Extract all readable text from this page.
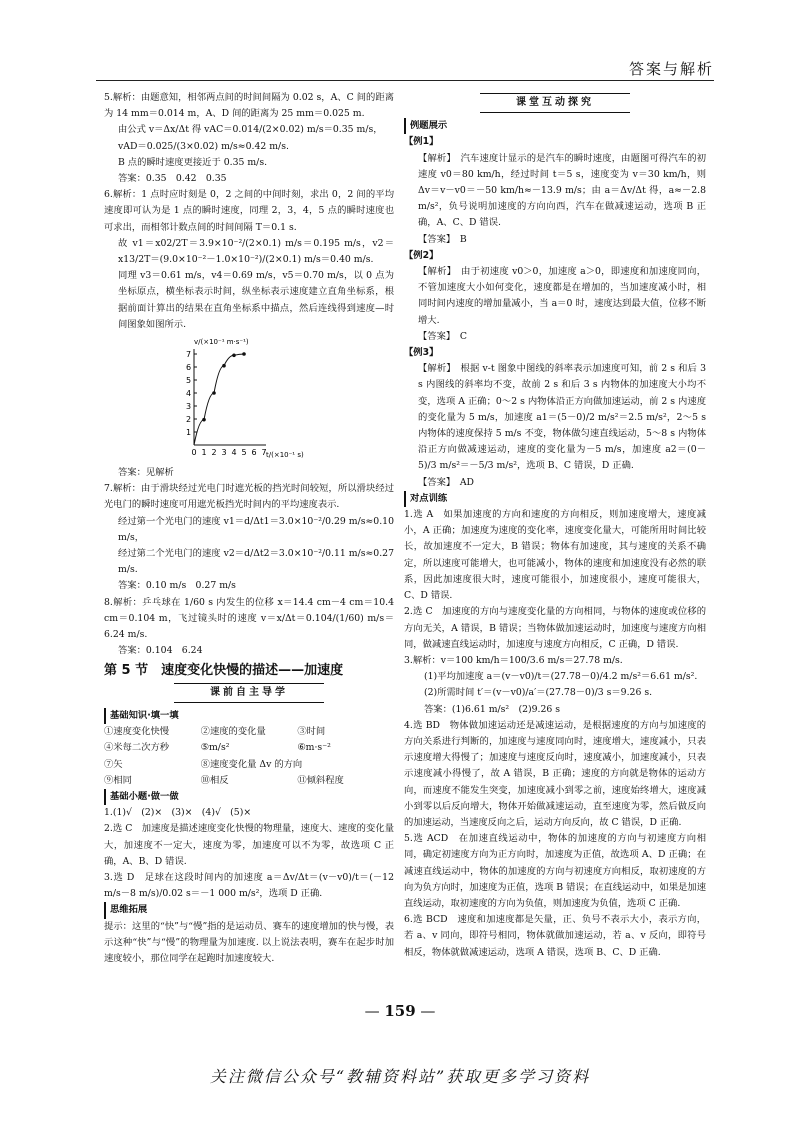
答案与解析

5.解析：由题意知，相邻两点间的时间间隔为 0.02 s，A、C 间的距离为 14 mm＝0.014 m，A、D 间的距离为 25 mm＝0.025 m.

由公式 v＝Δx/Δt 得 vAC＝0.014/(2×0.02) m/s＝0.35 m/s，

vAD＝0.025/(3×0.02) m/s≈0.42 m/s.

B 点的瞬时速度更接近于 0.35 m/s.

答案：0.35　0.42　0.35

6.解析：1 点时应时刻是 0，2 之间的中间时刻，求出 0，2 间的平均速度即可认为是 1 点的瞬时速度，同理 2，3，4，5 点的瞬时速度也可求出，而相邻计数点间的时间间隔 T＝0.1 s.

故 v1＝x02/2T＝3.9×10⁻²/(2×0.1) m/s＝0.195 m/s，v2＝x13/2T＝(9.0×10⁻²－1.0×10⁻²)/(2×0.1) m/s＝0.40 m/s.

同理 v3＝0.61 m/s，v4＝0.69 m/s，v5＝0.70 m/s，以 0 点为坐标原点，横坐标表示时间，纵坐标表示速度建立直角坐标系，根据前面计算出的结果在直角坐标系中描点，然后连线得到速度—时间图象如图所示.

v/(×10⁻¹ m·s⁻¹)
t/(×10⁻¹ s)
1
2
3
4
5
6
7
0 1 2 3 4 5 6 7

答案：见解析

7.解析：由于滑块经过光电门时遮光板的挡光时间较短，所以滑块经过光电门的瞬时速度可用遮光板挡光时间内的平均速度表示.

经过第一个光电门的速度 v1＝d/Δt1＝3.0×10⁻²/0.29 m/s≈0.10 m/s，

经过第二个光电门的速度 v2＝d/Δt2＝3.0×10⁻²/0.11 m/s≈0.27 m/s.

答案：0.10 m/s　0.27 m/s

8.解析：乒乓球在 1/60 s 内发生的位移 x＝14.4 cm－4 cm＝10.4 cm＝0.104 m，飞过镜头时的速度 v＝x/Δt＝0.104/(1/60) m/s＝6.24 m/s.

答案：0.104　6.24

第 5 节　速度变化快慢的描述——加速度
课前自主导学
基础知识·填一填
①速度变化快慢	②速度的变化量	③时间
④米每二次方秒	⑤m/s²	⑥m·s⁻²
⑦矢	⑧速度变化量 Δv 的方向
⑨相同	⑩相反	⑪倾斜程度
基础小题·做一做

1.(1)√　(2)×　(3)×　(4)√　(5)×

2.选 C　加速度是描述速度变化快慢的物理量，速度大、速度的变化量大，加速度不一定大，速度为零，加速度可以不为零，故选项 C 正确，A、B、D 错误.

3.选 D　足球在这段时间内的加速度 a＝Δv/Δt＝(v－v0)/t＝(－12 m/s－8 m/s)/0.02 s＝－1 000 m/s²，选项 D 正确.

思维拓展

提示：这里的“快”与“慢”指的是运动员、赛车的速度增加的快与慢，表示这种“快”与“慢”的物理量为加速度. 以上说法表明，赛车在起步时加速度较小，那位同学在起跑时加速度较大.

课堂互动探究
例题展示
【例1】

【解析】　汽车速度计显示的是汽车的瞬时速度，由题图可得汽车的初速度 v0＝80 km/h，经过时间 t＝5 s，速度变为 v＝30 km/h，则 Δv＝v－v0＝－50 km/h≈－13.9 m/s；由 a＝Δv/Δt 得，a≈－2.8 m/s²，负号说明加速度的方向向西，汽车在做减速运动，选项 B 正确，A、C、D 错误.

【答案】　B

【例2】

【解析】　由于初速度 v0＞0，加速度 a＞0，即速度和加速度同向，不管加速度大小如何变化，速度都是在增加的，当加速度减小时，相同时间内速度的增加量减小，当 a＝0 时，速度达到最大值，位移不断增大.

【答案】　C

【例3】

【解析】　根据 v-t 图象中图线的斜率表示加速度可知，前 2 s 和后 3 s 内图线的斜率均不变，故前 2 s 和后 3 s 内物体的加速度大小均不变，选项 A 正确；0～2 s 内物体沿正方向做加速运动，前 2 s 内速度的变化量为 5 m/s，加速度 a1＝(5－0)/2 m/s²＝2.5 m/s²，2～5 s 内物体的速度保持 5 m/s 不变，物体做匀速直线运动，5～8 s 内物体沿正方向做减速运动，速度的变化量为－5 m/s，加速度 a2＝(0－5)/3 m/s²＝－5/3 m/s²，选项 B、C 错误，D 正确.

【答案】　AD

对点训练

1.选 A　如果加速度的方向和速度的方向相反，则加速度增大，速度减小，A 正确；加速度为速度的变化率，速度变化量大，可能所用时间比较长，故加速度不一定大，B 错误；物体有加速度，其与速度的关系不确定，所以速度可能增大，也可能减小，物体的速度和加速度没有必然的联系，因此加速度很大时，速度可能很小，加速度很小，速度可能很大，C、D 错误.

2.选 C　加速度的方向与速度变化量的方向相同，与物体的速度或位移的方向无关，A 错误，B 错误；当物体做加速运动时，加速度与速度方向相同，做减速直线运动时，加速度与速度方向相反，C 正确，D 错误.

3.解析：v＝100 km/h＝100/3.6 m/s＝27.78 m/s.

(1)平均加速度 a＝(v－v0)/t＝(27.78－0)/4.2 m/s²＝6.61 m/s².

(2)所需时间 t′＝(v－v0)/a′＝(27.78－0)/3 s＝9.26 s.

答案：(1)6.61 m/s²　(2)9.26 s

4.选 BD　物体做加速运动还是减速运动，是根据速度的方向与加速度的方向关系进行判断的，加速度与速度同向时，速度增大，速度减小，只表示速度增大得慢了；加速度与速度反向时，速度减小，加速度减小，只表示速度减小得慢了，故 A 错误，B 正确；速度的方向就是物体的运动方向，而速度不能发生突变，加速度减小到零之前，速度始终增大，速度减小到零以后反向增大，物体开始做减速运动，直至速度为零，然后做反向的加速运动，当速度反向之后，运动方向反向，故 C 错误，D 正确.

5.选 ACD　在加速直线运动中，物体的加速度的方向与初速度方向相同，确定初速度方向为正方向时，加速度为正值，故选项 A、D 正确；在减速直线运动中，物体的加速度的方向与初速度方向相反，取初速度的方向为负方向时，加速度为正值，选项 B 错误；在直线运动中，如果是加速直线运动，取初速度的方向为负值，则加速度为负值，选项 C 正确.

6.选 BCD　速度和加速度都是矢量，正、负号不表示大小，表示方向，若 a、v 同向，即符号相同，物体就做加速运动，若 a、v 反向，即符号相反，物体就做减速运动，选项 A 错误，选项 B、C、D 正确.

— 159 —
关注微信公众号“教辅资料站”获取更多学习资料
